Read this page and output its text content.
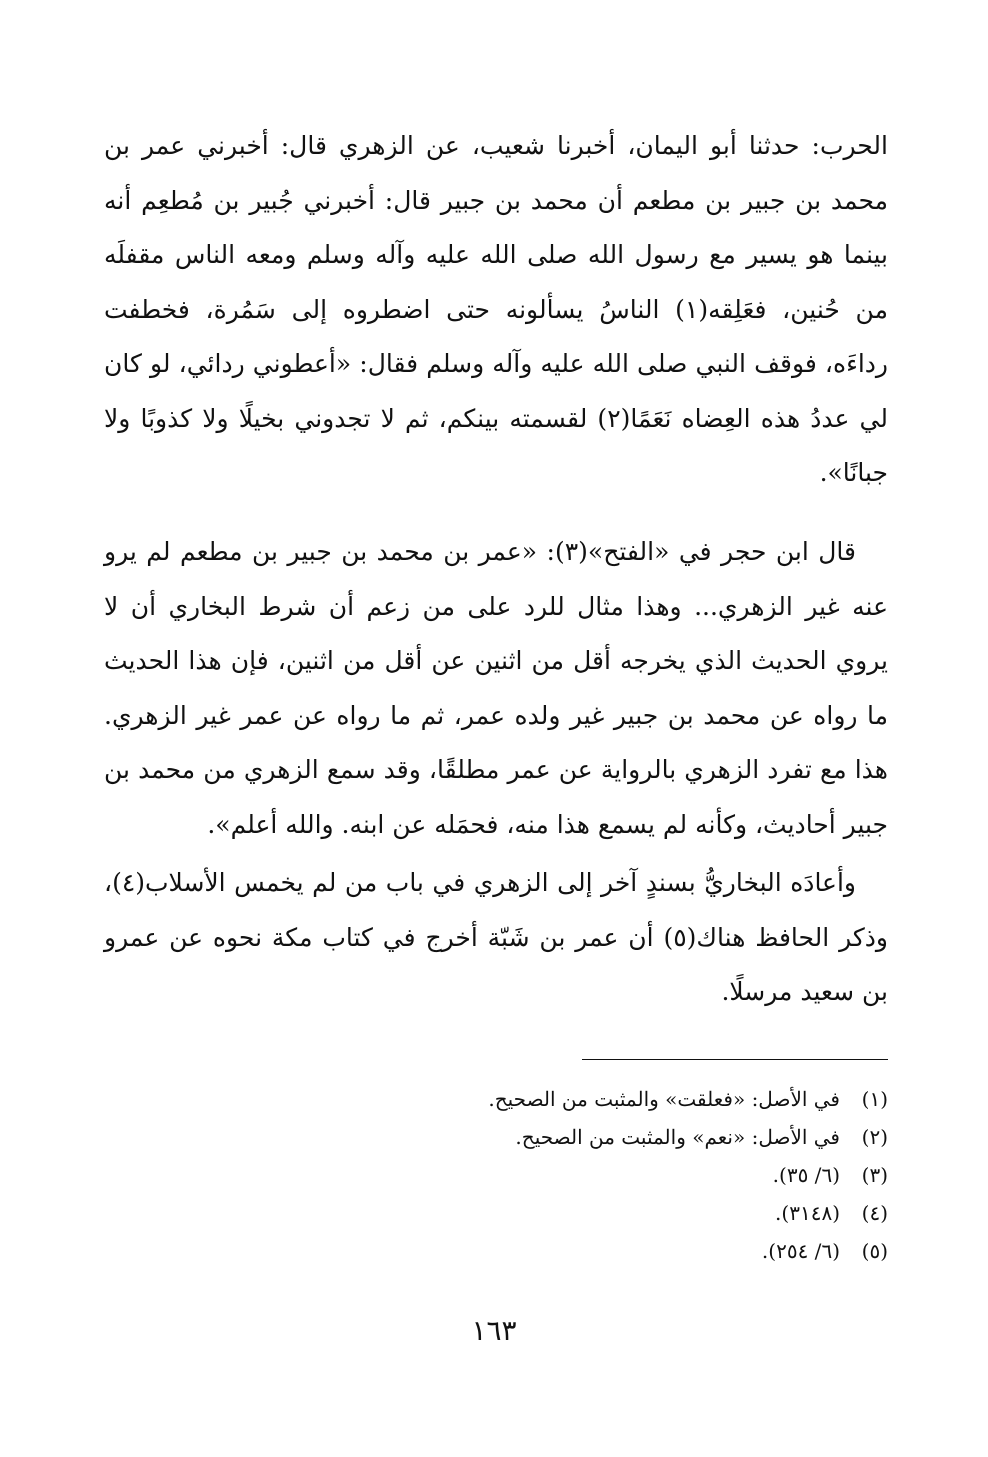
الحرب: حدثنا أبو اليمان، أخبرنا شعيب، عن الزهري قال: أخبرني عمر بن محمد بن جبير بن مطعم أن محمد بن جبير قال: أخبرني جُبير بن مُطعِم أنه بينما هو يسير مع رسول الله صلى الله عليه وآله وسلم ومعه الناس مقفلَه من حُنين، فعَلِقه(١) الناسُ يسألونه حتى اضطروه إلى سَمُرة، فخطفت رداءَه، فوقف النبي صلى الله عليه وآله وسلم فقال: «أعطوني ردائي، لو كان لي عددُ هذه العِضاه نَعَمًا(٢) لقسمته بينكم، ثم لا تجدوني بخيلًا ولا كذوبًا ولا جبانًا».

قال ابن حجر في «الفتح»(٣): «عمر بن محمد بن جبير بن مطعم لم يرو عنه غير الزهري... وهذا مثال للرد على من زعم أن شرط البخاري أن لا يروي الحديث الذي يخرجه أقل من اثنين عن أقل من اثنين، فإن هذا الحديث ما رواه عن محمد بن جبير غير ولده عمر، ثم ما رواه عن عمر غير الزهري. هذا مع تفرد الزهري بالرواية عن عمر مطلقًا، وقد سمع الزهري من محمد بن جبير أحاديث، وكأنه لم يسمع هذا منه، فحمَله عن ابنه. والله أعلم».

وأعادَه البخاريُّ بسندٍ آخر إلى الزهري في باب من لم يخمس الأسلاب(٤)، وذكر الحافظ هناك(٥) أن عمر بن شَبّة أخرج في كتاب مكة نحوه عن عمرو بن سعيد مرسلًا.

(١)في الأصل: «فعلقت» والمثبت من الصحيح.
(٢)في الأصل: «نعم» والمثبت من الصحيح.
(٣)(٦/ ٣٥).
(٤)(٣١٤٨).
(٥)(٦/ ٢٥٤).
١٦٣
